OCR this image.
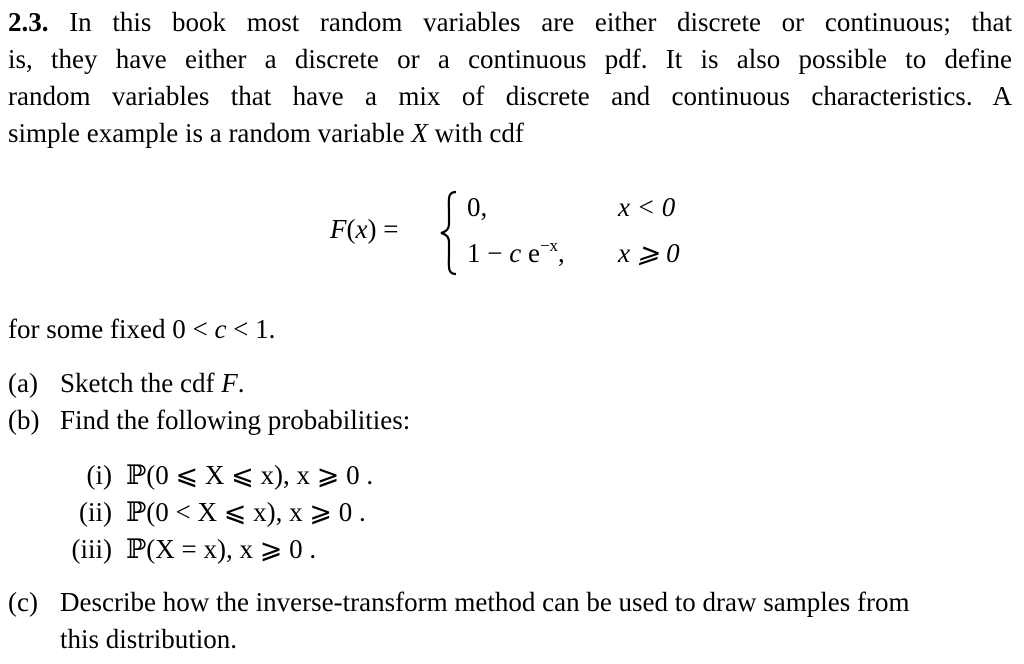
2.3. In this book most random variables are either discrete or continuous; that
is, they have either a discrete or a continuous pdf. It is also possible to define
random variables that have a mix of discrete and continuous characteristics. A
simple example is a random variable X with cdf
F(x) =
0,
1 − c $e^{-x}$,
x < 0
x ⩾ 0
for some fixed 0 < c < 1.
(a) Sketch the cdf F.
(b) Find the following probabilities:
(i) ℙ(0 ⩽ X ⩽ x), x ⩾ 0 .
(ii) ℙ(0 < X ⩽ x), x ⩾ 0 .
(iii) ℙ(X = x), x ⩾ 0 .
(c) Describe how the inverse-transform method can be used to draw samples from
this distribution.
